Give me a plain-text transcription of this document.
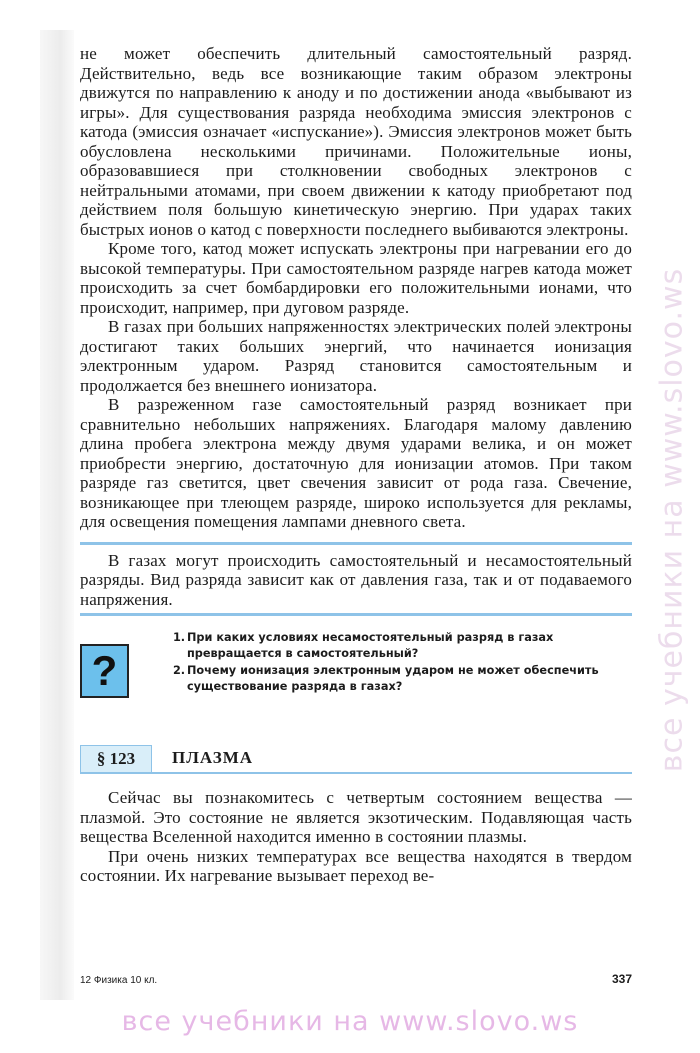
не может обеспечить длительный самостоятельный разряд. Действительно, ведь все возникающие таким образом электроны движутся по направлению к аноду и по достижении анода «выбывают из игры». Для существования разряда необходима эмиссия электронов с катода (эмиссия означает «испускание»). Эмиссия электронов может быть обусловлена несколькими причинами. Положительные ионы, образовавшиеся при столкновении свободных электронов с нейтральными атомами, при своем движении к катоду приобретают под действием поля большую кинетическую энергию. При ударах таких быстрых ионов о катод с поверхности последнего выбиваются электроны.

Кроме того, катод может испускать электроны при нагревании его до высокой температуры. При самостоятельном разряде нагрев катода может происходить за счет бомбардировки его положительными ионами, что происходит, например, при дуговом разряде.

В газах при больших напряженностях электрических полей электроны достигают таких больших энергий, что начинается ионизация электронным ударом. Разряд становится самостоятельным и продолжается без внешнего ионизатора.

В разреженном газе самостоятельный разряд возникает при сравнительно небольших напряжениях. Благодаря малому давлению длина пробега электрона между двумя ударами велика, и он может приобрести энергию, достаточную для ионизации атомов. При таком разряде газ светится, цвет свечения зависит от рода газа. Свечение, возникающее при тлеющем разряде, широко используется для рекламы, для освещения помещения лампами дневного света.

В газах могут происходить самостоятельный и несамостоятельный разряды. Вид разряда зависит как от давления газа, так и от подаваемого напряжения.

?
1. При каких условиях несамостоятельный разряд в газах превращается в самостоятельный?
2. Почему ионизация электронным ударом не может обеспечить существование разряда в газах?
§ 123	ПЛАЗМА

Сейчас вы познакомитесь с четвертым состоянием вещества — плазмой. Это состояние не является экзотическим. Подавляющая часть вещества Вселенной находится именно в состоянии плазмы.

При очень низких температурах все вещества находятся в твердом состоянии. Их нагревание вызывает переход ве-

12 Физика 10 кл.	337
все учебники на www.slovo.ws
все учебники на www.slovo.ws
